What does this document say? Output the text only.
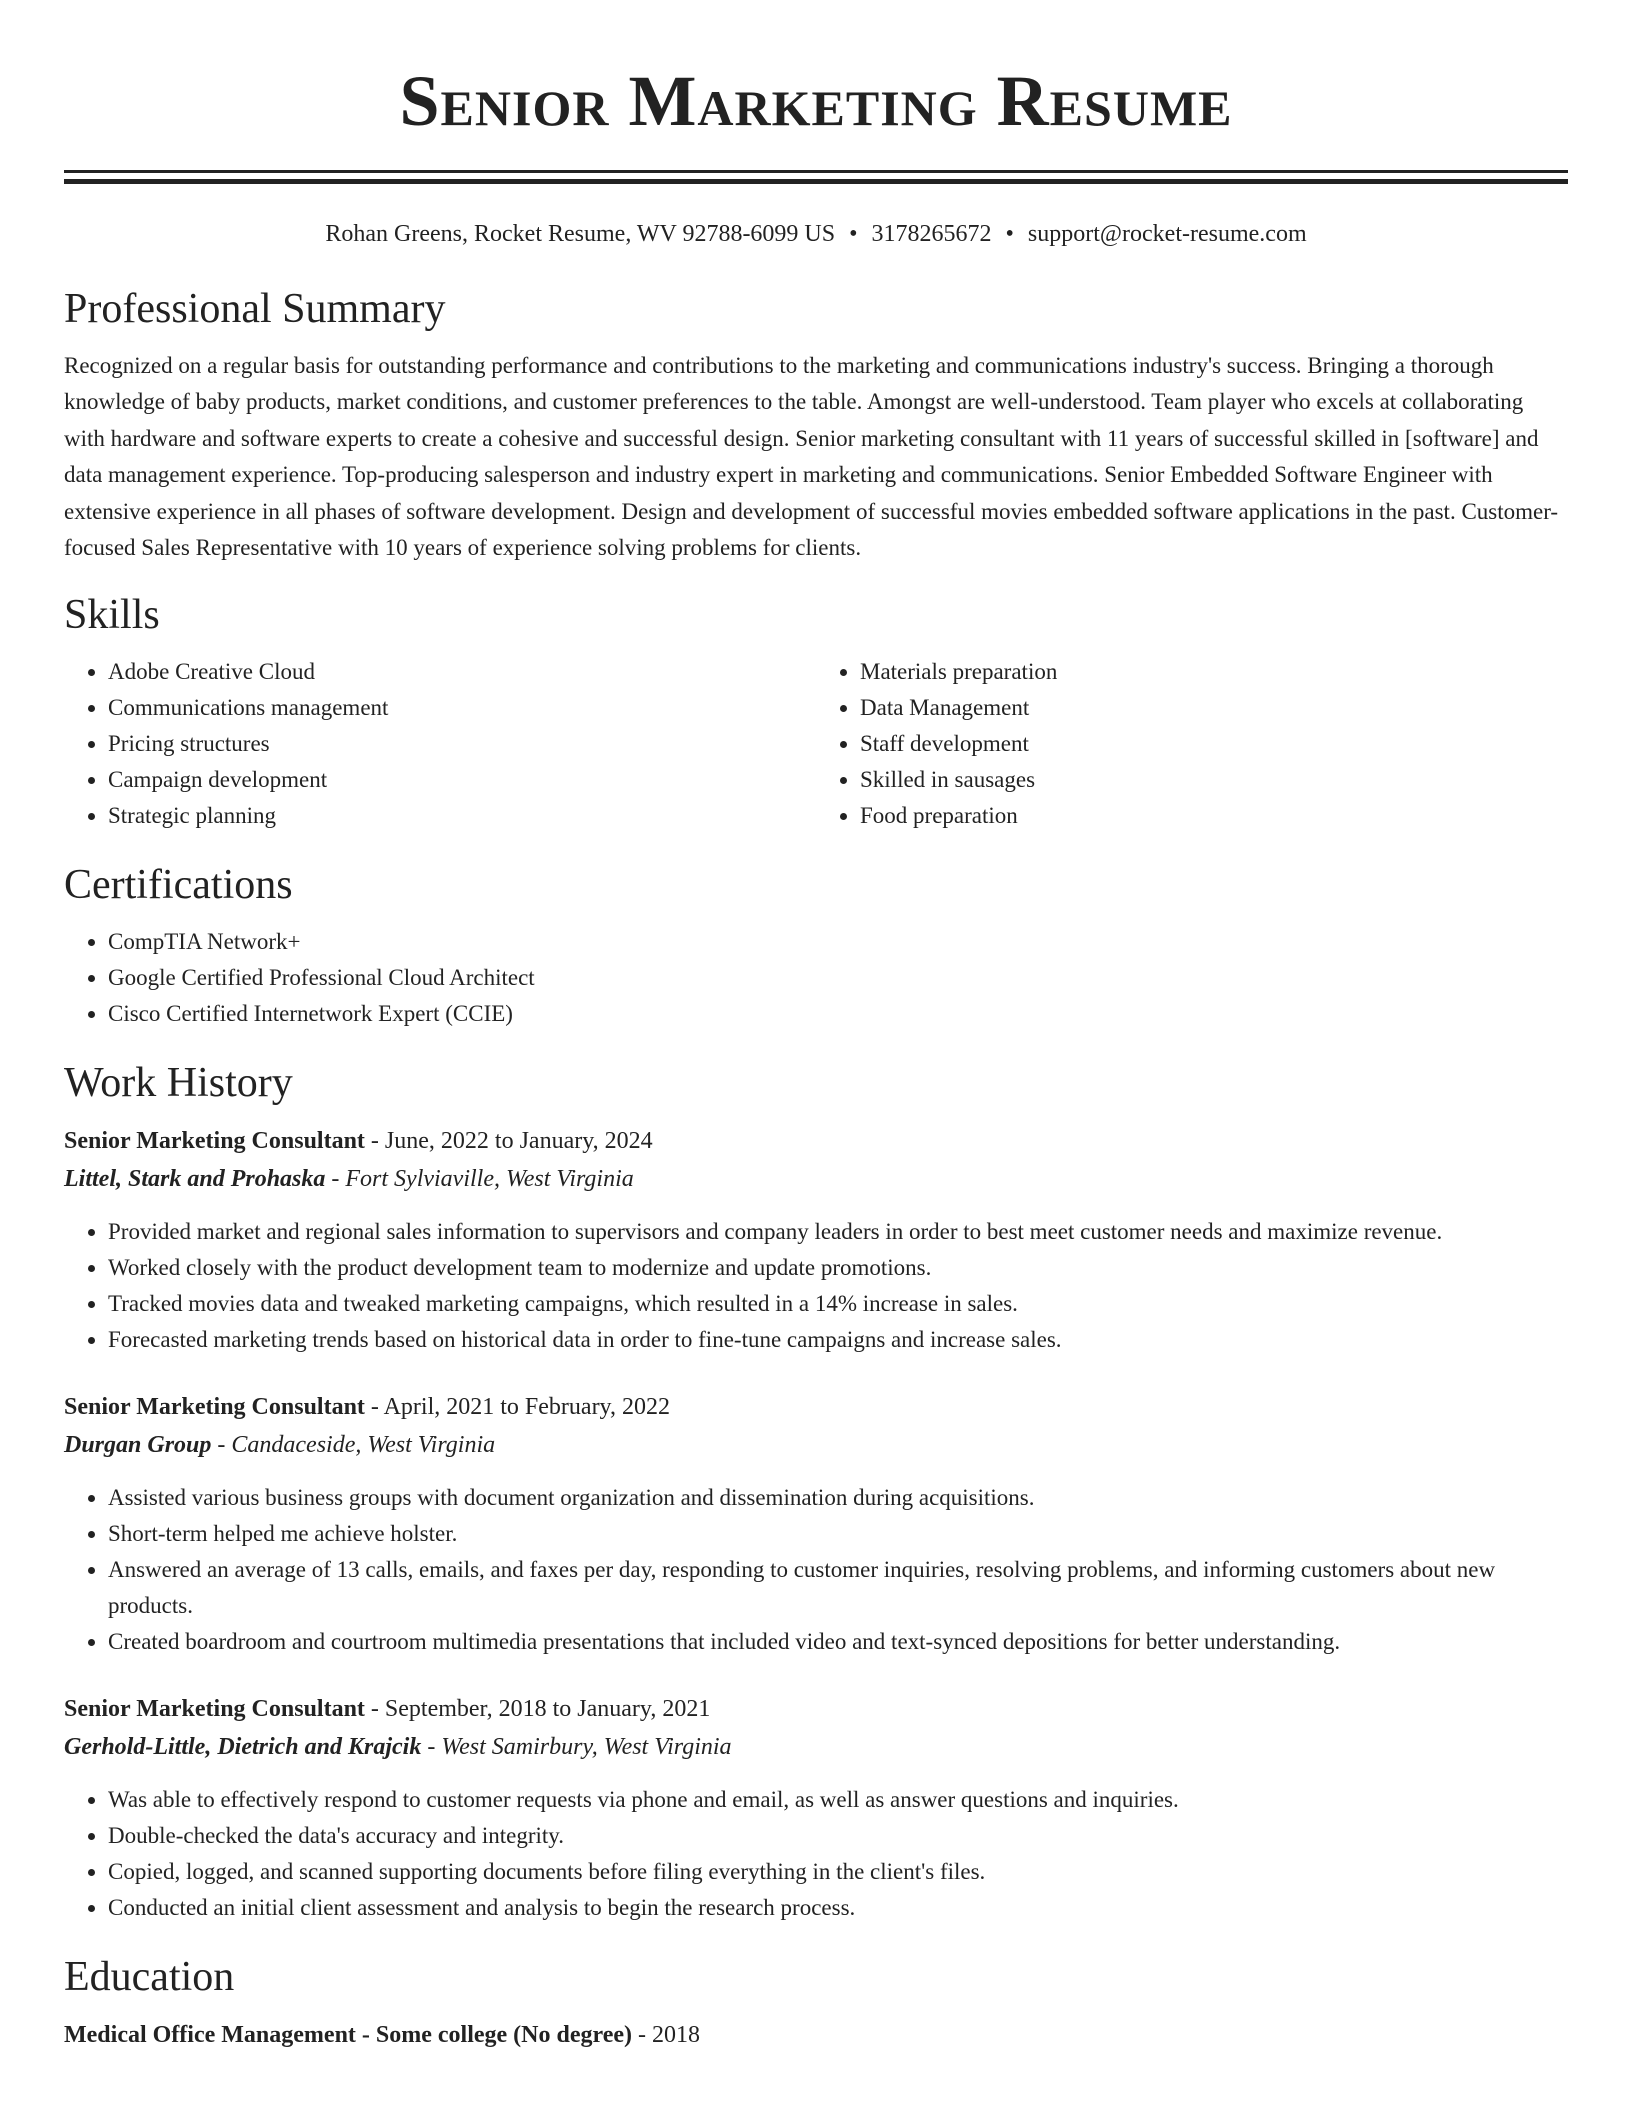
Senior Marketing Resume
Rohan Greens, Rocket Resume, WV 92788-6099 US • 3178265672 • support@rocket-resume.com
Professional Summary

Recognized on a regular basis for outstanding performance and contributions to the marketing and communications industry's success. Bringing a thorough knowledge of baby products, market conditions, and customer preferences to the table. Amongst are well-understood. Team player who excels at collaborating with hardware and software experts to create a cohesive and successful design. Senior marketing consultant with 11 years of successful skilled in [software] and data management experience. Top-producing salesperson and industry expert in marketing and communications. Senior Embedded Software Engineer with extensive experience in all phases of software development. Design and development of successful movies embedded software applications in the past. Customer-focused Sales Representative with 10 years of experience solving problems for clients.

Skills
• Adobe Creative Cloud
• Communications management
• Pricing structures
• Campaign development
• Strategic planning
• Materials preparation
• Data Management
• Staff development
• Skilled in sausages
• Food preparation
Certifications
• CompTIA Network+
• Google Certified Professional Cloud Architect
• Cisco Certified Internetwork Expert (CCIE)
Work History

Senior Marketing Consultant - June, 2022 to January, 2024

Littel, Stark and Prohaska - Fort Sylviaville, West Virginia

• Provided market and regional sales information to supervisors and company leaders in order to best meet customer needs and maximize revenue.
• Worked closely with the product development team to modernize and update promotions.
• Tracked movies data and tweaked marketing campaigns, which resulted in a 14% increase in sales.
• Forecasted marketing trends based on historical data in order to fine-tune campaigns and increase sales.

Senior Marketing Consultant - April, 2021 to February, 2022

Durgan Group - Candaceside, West Virginia

• Assisted various business groups with document organization and dissemination during acquisitions.
• Short-term helped me achieve holster.
• Answered an average of 13 calls, emails, and faxes per day, responding to customer inquiries, resolving problems, and informing customers about new products.
• Created boardroom and courtroom multimedia presentations that included video and text-synced depositions for better understanding.

Senior Marketing Consultant - September, 2018 to January, 2021

Gerhold-Little, Dietrich and Krajcik - West Samirbury, West Virginia

• Was able to effectively respond to customer requests via phone and email, as well as answer questions and inquiries.
• Double-checked the data's accuracy and integrity.
• Copied, logged, and scanned supporting documents before filing everything in the client's files.
• Conducted an initial client assessment and analysis to begin the research process.
Education

Medical Office Management - Some college (No degree) - 2018
